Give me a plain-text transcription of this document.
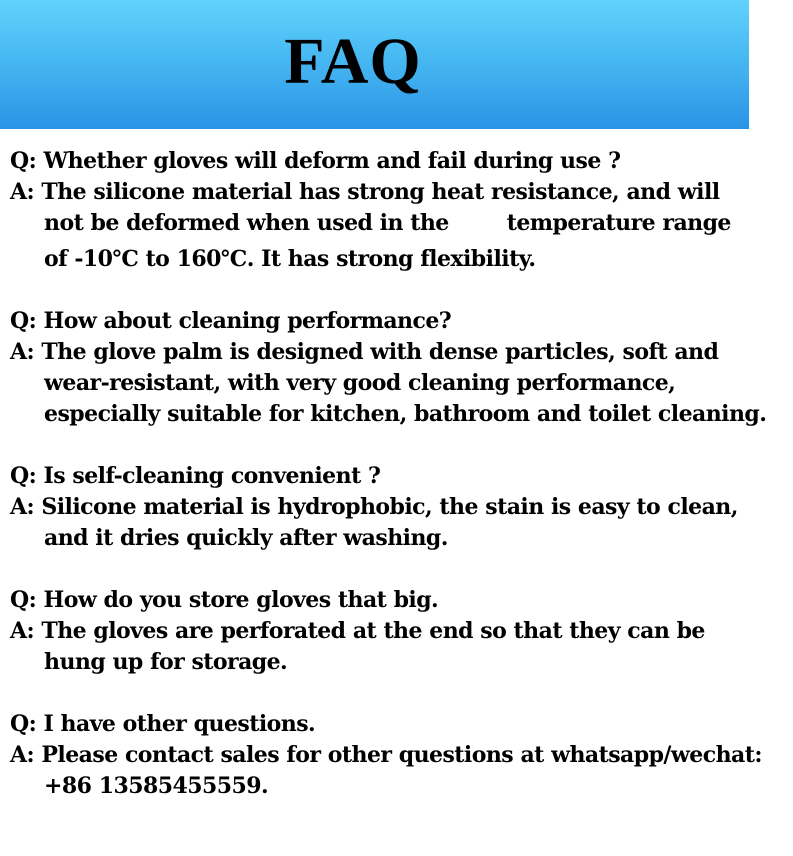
FAQ
Q: Whether gloves will deform and fail during use ?
A: The silicone material has strong heat resistance, and will
not be deformed when used in the	temperature range
of -10℃ to 160℃. It has strong flexibility.
Q: How about cleaning performance?
A: The glove palm is designed with dense particles, soft and
wear-resistant, with very good cleaning performance,
especially suitable for kitchen, bathroom and toilet cleaning.
Q: Is self-cleaning convenient ?
A: Silicone material is hydrophobic, the stain is easy to clean,
and it dries quickly after washing.
Q: How do you store gloves that big.
A: The gloves are perforated at the end so that they can be
hung up for storage.
Q: I have other questions.
A: Please contact sales for other questions at whatsapp/wechat:
+86 13585455559.
